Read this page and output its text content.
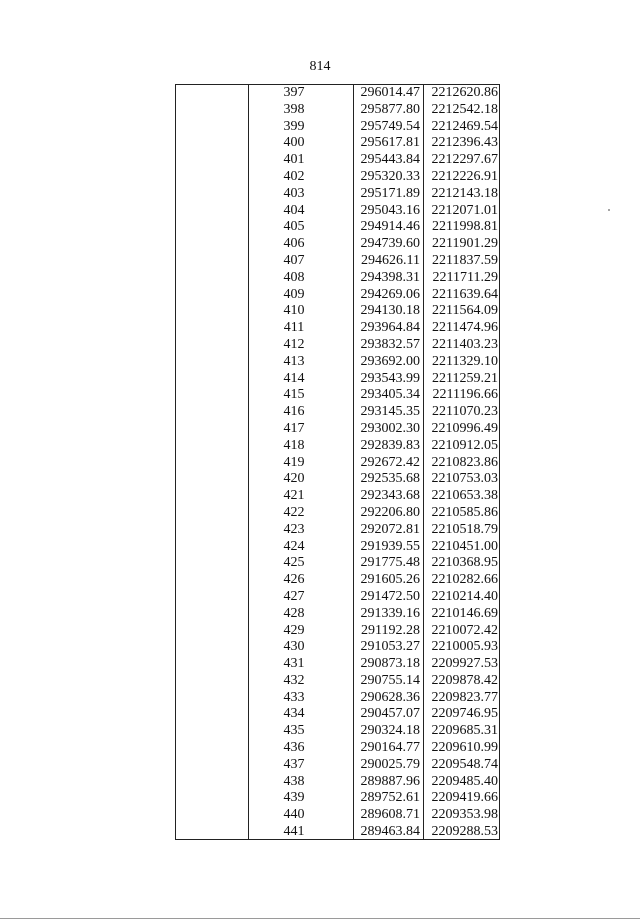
814
397	296014.47 2212620.86
398	295877.80 2212542.18
399	295749.54 2212469.54
400	295617.81 2212396.43
401	295443.84 2212297.67
402	295320.33 2212226.91
403	295171.89 2212143.18
404	295043.16 2212071.01
405	294914.46 2211998.81
406	294739.60 2211901.29
407	294626.11 2211837.59
408	294398.31 2211711.29
409	294269.06 2211639.64
410	294130.18 2211564.09
411	293964.84 2211474.96
412	293832.57 2211403.23
413	293692.00 2211329.10
414	293543.99 2211259.21
415	293405.34 2211196.66
416	293145.35 2211070.23
417	293002.30 2210996.49
418	292839.83 2210912.05
419	292672.42 2210823.86
420	292535.68 2210753.03
421	292343.68 2210653.38
422	292206.80 2210585.86
423	292072.81 2210518.79
424	291939.55 2210451.00
425	291775.48 2210368.95
426	291605.26 2210282.66
427	291472.50 2210214.40
428	291339.16 2210146.69
429	291192.28 2210072.42
430	291053.27 2210005.93
431	290873.18 2209927.53
432	290755.14 2209878.42
433	290628.36 2209823.77
434	290457.07 2209746.95
435	290324.18 2209685.31
436	290164.77 2209610.99
437	290025.79 2209548.74
438	289887.96 2209485.40
439	289752.61 2209419.66
440	289608.71 2209353.98
441	289463.84 2209288.53
